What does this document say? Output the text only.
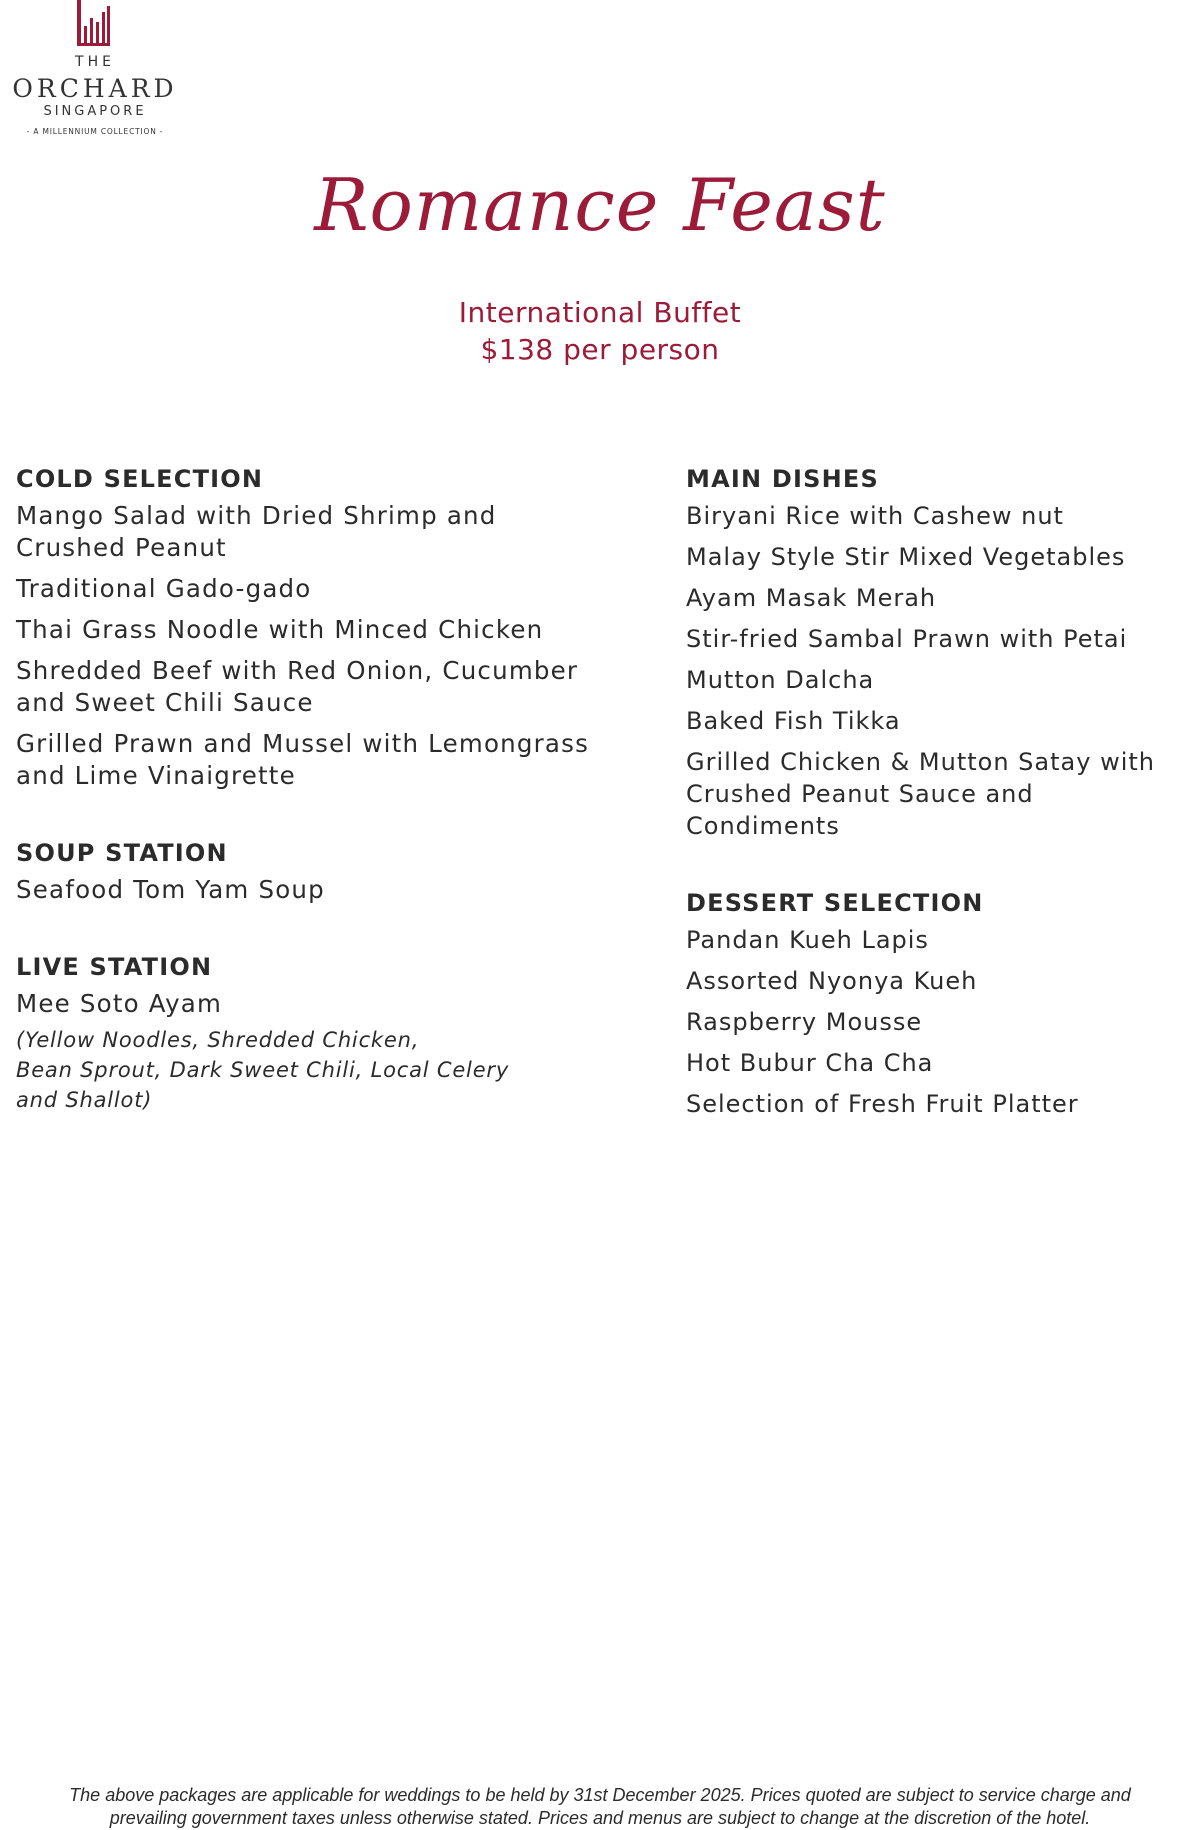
THE
ORCHARD
SINGAPORE
- A MILLENNIUM COLLECTION -
Romance Feast
International Buffet
$138 per person
COLD SELECTION
Mango Salad with Dried Shrimp and
Crushed Peanut
Traditional Gado-gado
Thai Grass Noodle with Minced Chicken
Shredded Beef with Red Onion, Cucumber
and Sweet Chili Sauce
Grilled Prawn and Mussel with Lemongrass
and Lime Vinaigrette
SOUP STATION
Seafood Tom Yam Soup
LIVE STATION
Mee Soto Ayam
(Yellow Noodles, Shredded Chicken,
Bean Sprout, Dark Sweet Chili, Local Celery
and Shallot)
MAIN DISHES
Biryani Rice with Cashew nut
Malay Style Stir Mixed Vegetables
Ayam Masak Merah
Stir-fried Sambal Prawn with Petai
Mutton Dalcha
Baked Fish Tikka
Grilled Chicken & Mutton Satay with
Crushed Peanut Sauce and Condiments
DESSERT SELECTION
Pandan Kueh Lapis
Assorted Nyonya Kueh
Raspberry Mousse
Hot Bubur Cha Cha
Selection of Fresh Fruit Platter
The above packages are applicable for weddings to be held by 31st December 2025. Prices quoted are subject to service charge and
prevailing government taxes unless otherwise stated. Prices and menus are subject to change at the discretion of the hotel.
